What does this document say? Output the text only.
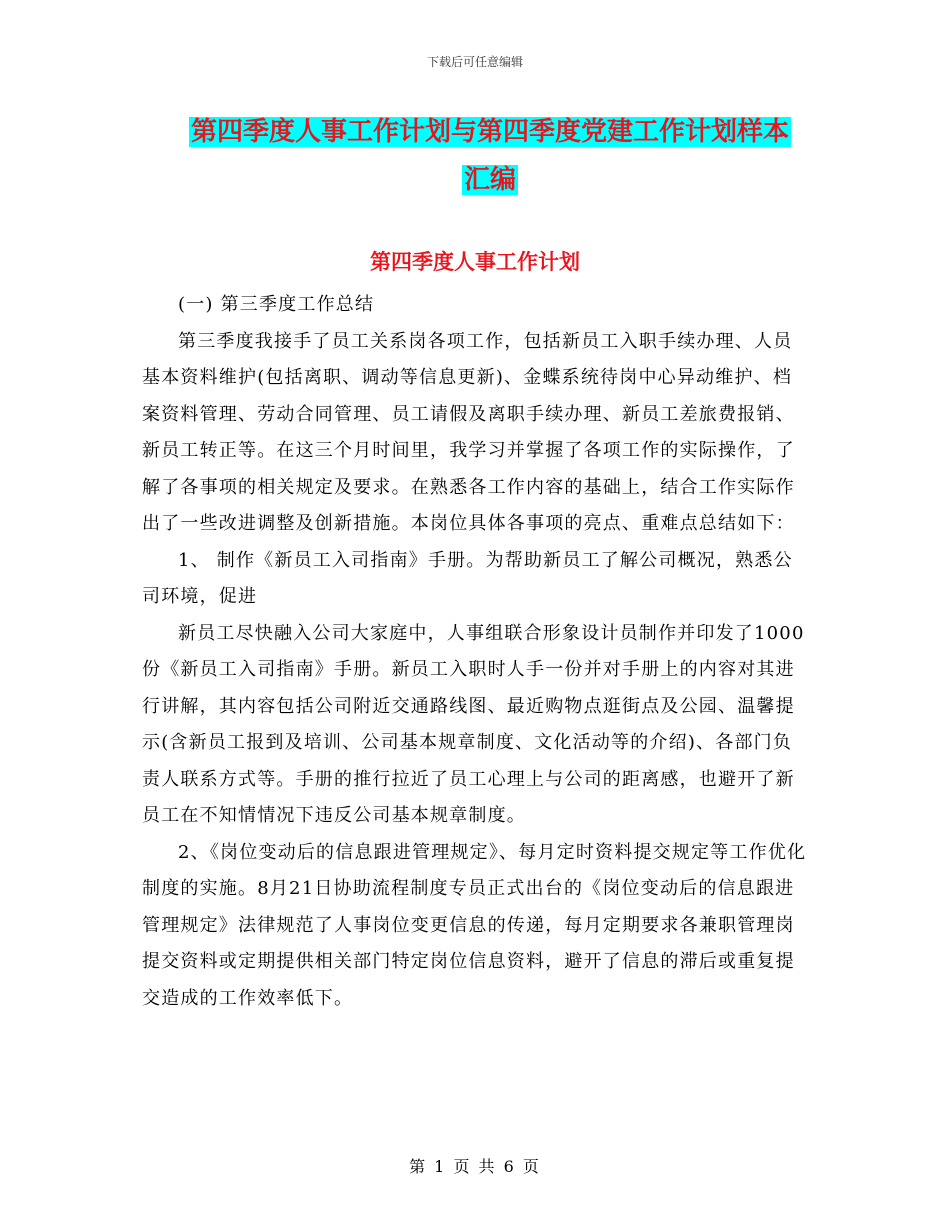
下载后可任意编辑
第四季度人事工作计划与第四季度党建工作计划样本
汇编
第四季度人事工作计划

(一) 第三季度工作总结

第三季度我接手了员工关系岗各项工作，包括新员工入职手续办理、人员基本资料维护(包括离职、调动等信息更新)、金蝶系统待岗中心异动维护、档案资料管理、劳动合同管理、员工请假及离职手续办理、新员工差旅费报销、新员工转正等。在这三个月时间里，我学习并掌握了各项工作的实际操作，了解了各事项的相关规定及要求。在熟悉各工作内容的基础上，结合工作实际作出了一些改进调整及创新措施。本岗位具体各事项的亮点、重难点总结如下：

1、 制作《新员工入司指南》手册。为帮助新员工了解公司概况，熟悉公司环境，促进

新员工尽快融入公司大家庭中，人事组联合形象设计员制作并印发了1000份《新员工入司指南》手册。新员工入职时人手一份并对手册上的内容对其进行讲解，其内容包括公司附近交通路线图、最近购物点逛街点及公园、温馨提示(含新员工报到及培训、公司基本规章制度、文化活动等的介绍)、各部门负责人联系方式等。手册的推行拉近了员工心理上与公司的距离感，也避开了新员工在不知情情况下违反公司基本规章制度。

2、《岗位变动后的信息跟进管理规定》、每月定时资料提交规定等工作优化制度的实施。8月21日协助流程制度专员正式出台的《岗位变动后的信息跟进管理规定》法律规范了人事岗位变更信息的传递，每月定期要求各兼职管理岗提交资料或定期提供相关部门特定岗位信息资料，避开了信息的滞后或重复提交造成的工作效率低下。

第 1 页 共 6 页
